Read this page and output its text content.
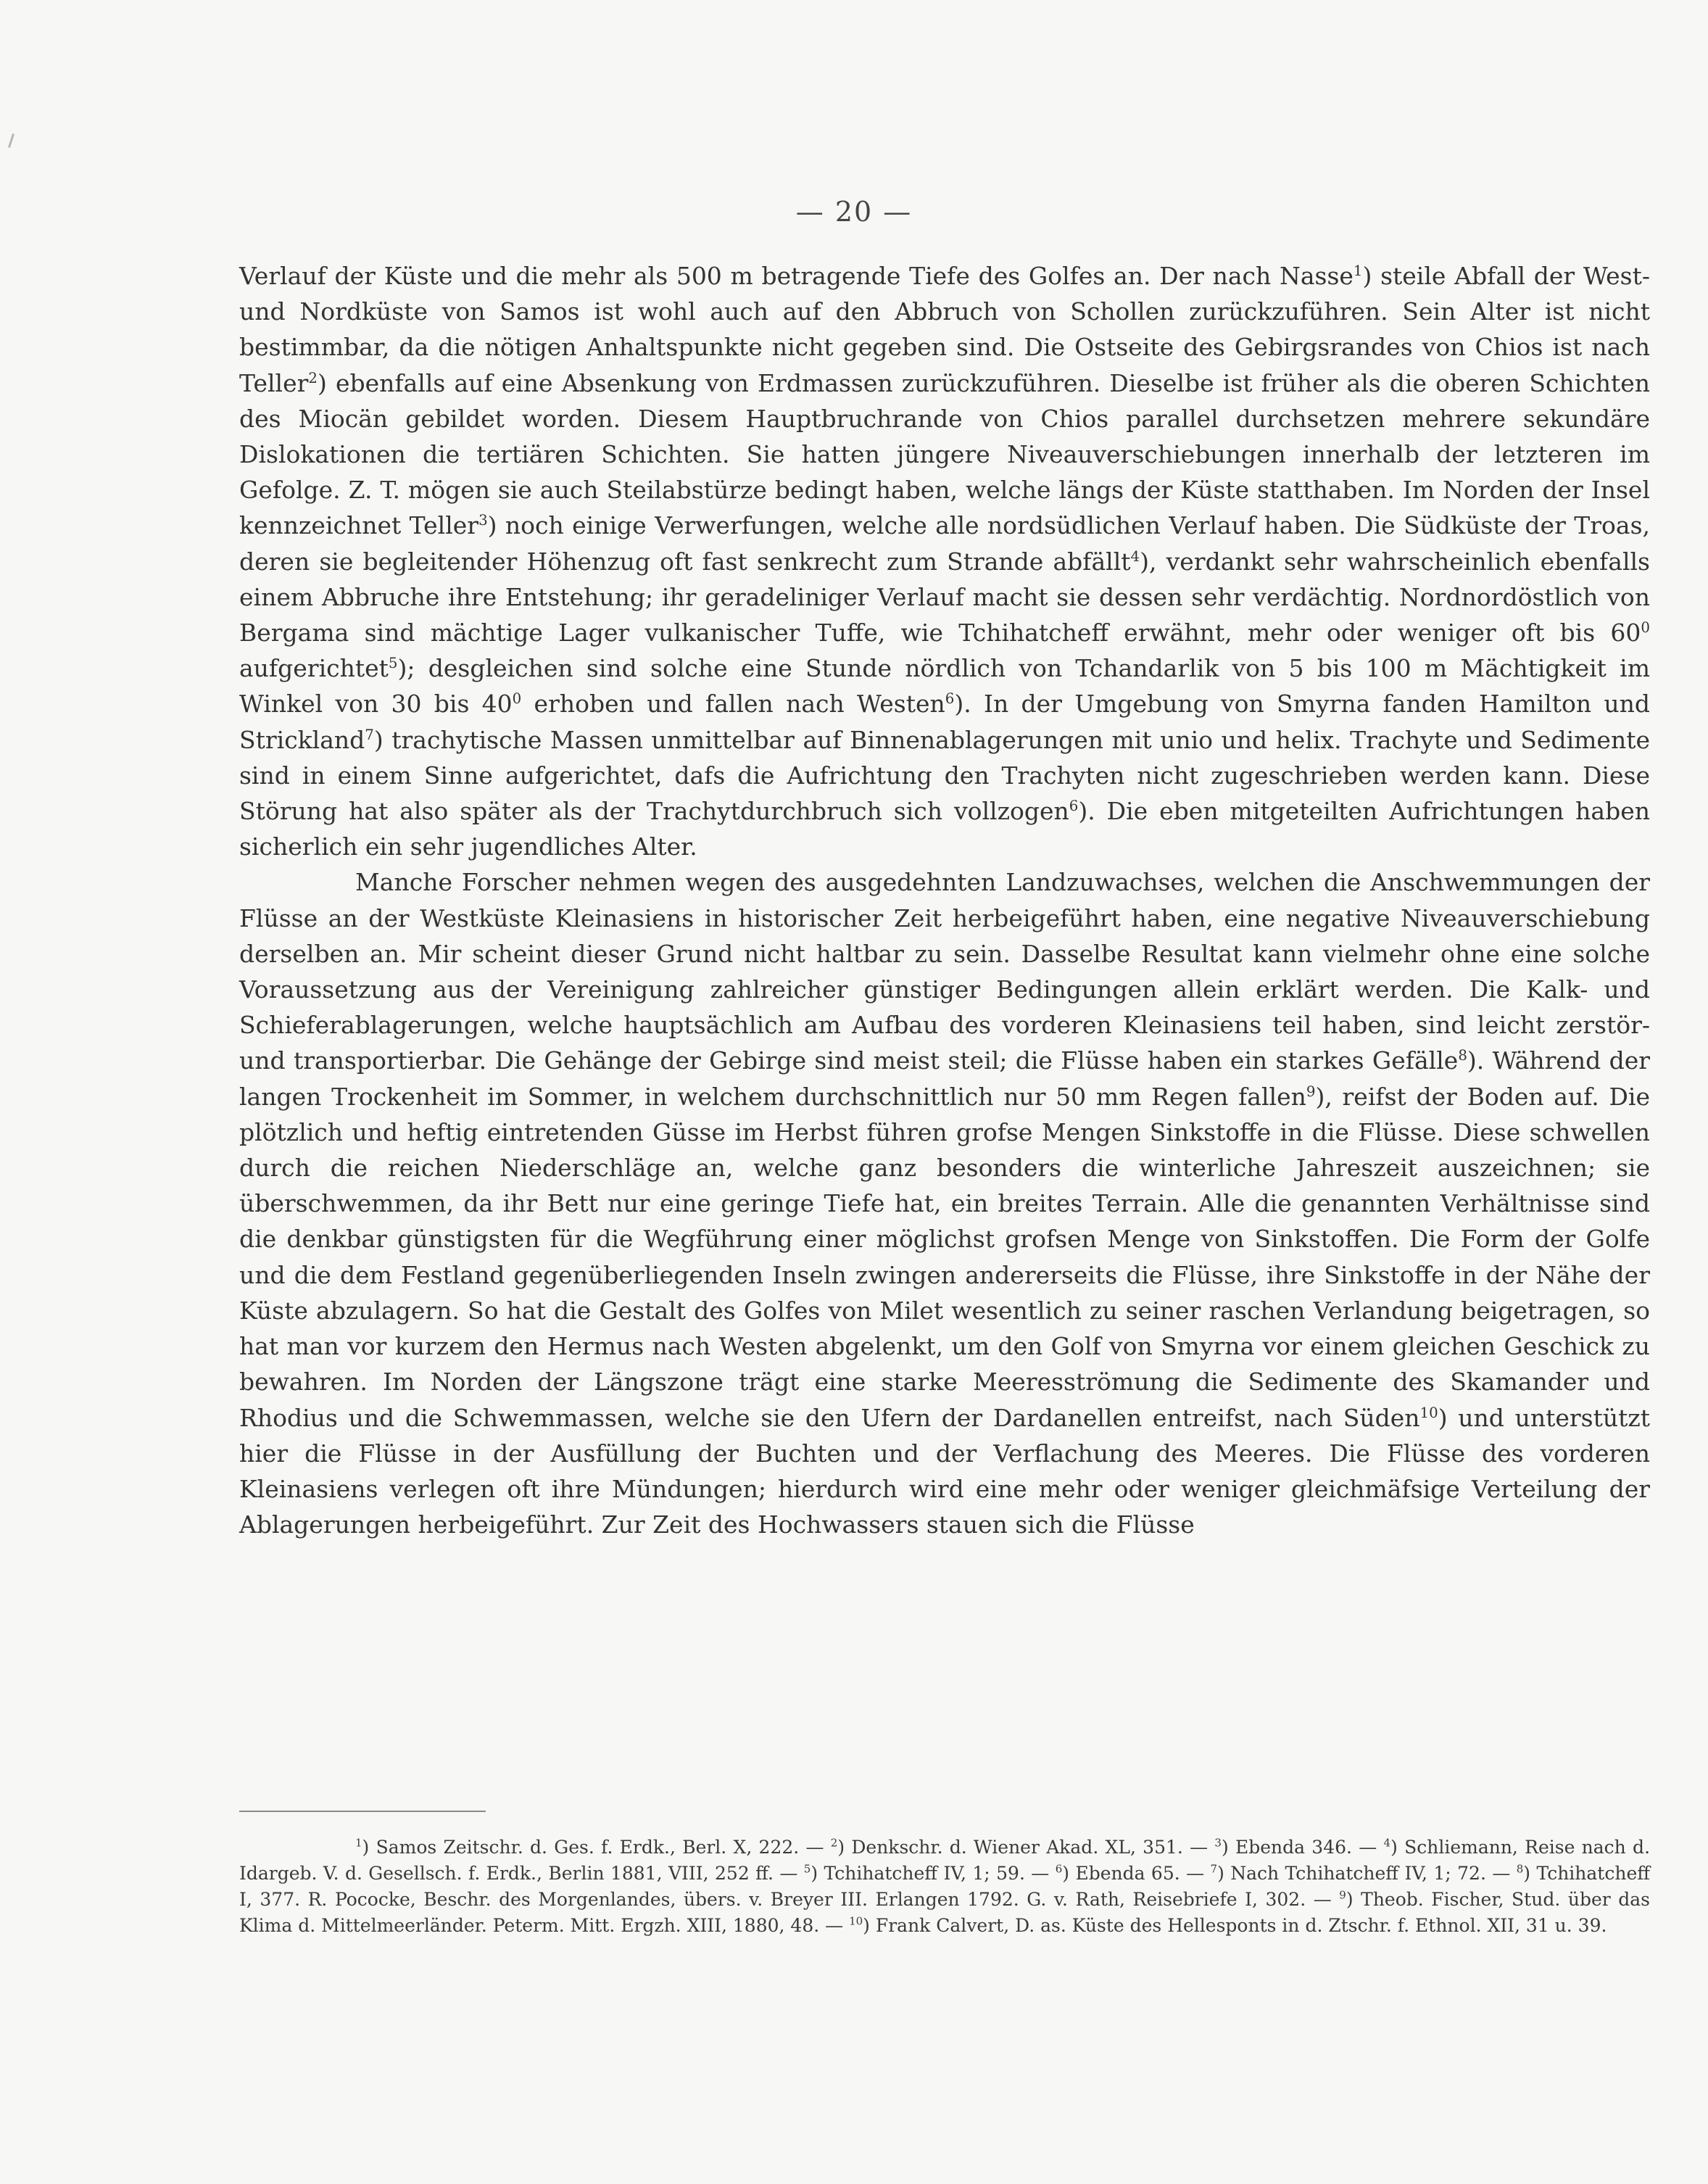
— 20 —

Verlauf der Küste und die mehr als 500 m betragende Tiefe des Golfes an. Der nach Nasse$^1$) steile Abfall der West- und Nordküste von Samos ist wohl auch auf den Abbruch von Schollen zurückzuführen. Sein Alter ist nicht bestimmbar, da die nötigen Anhaltspunkte nicht gegeben sind. Die Ostseite des Gebirgsrandes von Chios ist nach Teller$^2$) ebenfalls auf eine Absenkung von Erdmassen zurückzuführen. Dieselbe ist früher als die oberen Schichten des Miocän gebildet worden. Diesem Hauptbruchrande von Chios parallel durchsetzen mehrere sekundäre Dislokationen die tertiären Schichten. Sie hatten jüngere Niveauverschiebungen innerhalb der letzteren im Gefolge. Z. T. mögen sie auch Steilabstürze bedingt haben, welche längs der Küste statthaben. Im Norden der Insel kennzeichnet Teller$^3$) noch einige Verwerfungen, welche alle nordsüdlichen Verlauf haben. Die Südküste der Troas, deren sie begleitender Höhenzug oft fast senkrecht zum Strande abfällt$^4$), verdankt sehr wahrscheinlich ebenfalls einem Abbruche ihre Entstehung; ihr geradeliniger Verlauf macht sie dessen sehr verdächtig. Nordnordöstlich von Bergama sind mächtige Lager vulkanischer Tuffe, wie Tchihatcheff erwähnt, mehr oder weniger oft bis $60^0$ aufgerichtet$^5$); desgleichen sind solche eine Stunde nördlich von Tchandarlik von 5 bis 100 m Mächtigkeit im Winkel von 30 bis $40^0$ erhoben und fallen nach Westen$^6$). In der Umgebung von Smyrna fanden Hamilton und Strickland$^7$) trachytische Massen unmittelbar auf Binnenablagerungen mit unio und helix. Trachyte und Sedimente sind in einem Sinne aufgerichtet, dafs die Aufrichtung den Trachyten nicht zugeschrieben werden kann. Diese Störung hat also später als der Trachytdurchbruch sich vollzogen$^6$). Die eben mitgeteilten Aufrichtungen haben sicherlich ein sehr jugendliches Alter.

Manche Forscher nehmen wegen des ausgedehnten Landzuwachses, welchen die Anschwemmungen der Flüsse an der Westküste Kleinasiens in historischer Zeit herbeigeführt haben, eine negative Niveauverschiebung derselben an. Mir scheint dieser Grund nicht haltbar zu sein. Dasselbe Resultat kann vielmehr ohne eine solche Voraussetzung aus der Vereinigung zahlreicher günstiger Bedingungen allein erklärt werden. Die Kalk- und Schieferablagerungen, welche hauptsächlich am Aufbau des vorderen Kleinasiens teil haben, sind leicht zerstör- und transportierbar. Die Gehänge der Gebirge sind meist steil; die Flüsse haben ein starkes Gefälle$^8$). Während der langen Trockenheit im Sommer, in welchem durchschnittlich nur 50 mm Regen fallen$^9$), reifst der Boden auf. Die plötzlich und heftig eintretenden Güsse im Herbst führen grofse Mengen Sinkstoffe in die Flüsse. Diese schwellen durch die reichen Niederschläge an, welche ganz besonders die winterliche Jahreszeit auszeichnen; sie überschwemmen, da ihr Bett nur eine geringe Tiefe hat, ein breites Terrain. Alle die genannten Verhältnisse sind die denkbar günstigsten für die Wegführung einer möglichst grofsen Menge von Sinkstoffen. Die Form der Golfe und die dem Festland gegenüberliegenden Inseln zwingen andererseits die Flüsse, ihre Sinkstoffe in der Nähe der Küste abzulagern. So hat die Gestalt des Golfes von Milet wesentlich zu seiner raschen Verlandung beigetragen, so hat man vor kurzem den Hermus nach Westen abgelenkt, um den Golf von Smyrna vor einem gleichen Geschick zu bewahren. Im Norden der Längszone trägt eine starke Meeresströmung die Sedimente des Skamander und Rhodius und die Schwemmassen, welche sie den Ufern der Dardanellen entreifst, nach Süden$^{10}$) und unterstützt hier die Flüsse in der Ausfüllung der Buchten und der Verflachung des Meeres. Die Flüsse des vorderen Kleinasiens verlegen oft ihre Mündungen; hierdurch wird eine mehr oder weniger gleichmäfsige Verteilung der Ablagerungen herbeigeführt. Zur Zeit des Hochwassers stauen sich die Flüsse

$^1$) Samos Zeitschr. d. Ges. f. Erdk., Berl. X, 222. — $^2$) Denkschr. d. Wiener Akad. XL, 351. — $^3$) Ebenda 346. — $^4$) Schliemann, Reise nach d. Idargeb. V. d. Gesellsch. f. Erdk., Berlin 1881, VIII, 252 ff. — $^5$) Tchihatcheff IV, 1; 59. — $^6$) Ebenda 65. — $^7$) Nach Tchihatcheff IV, 1; 72. — $^8$) Tchihatcheff I, 377. R. Pococke, Beschr. des Morgenlandes, übers. v. Breyer III. Erlangen 1792. G. v. Rath, Reisebriefe I, 302. — $^9$) Theob. Fischer, Stud. über das Klima d. Mittelmeerländer. Peterm. Mitt. Ergzh. XIII, 1880, 48. — $^{10}$) Frank Calvert, D. as. Küste des Hellesponts in d. Ztschr. f. Ethnol. XII, 31 u. 39.
